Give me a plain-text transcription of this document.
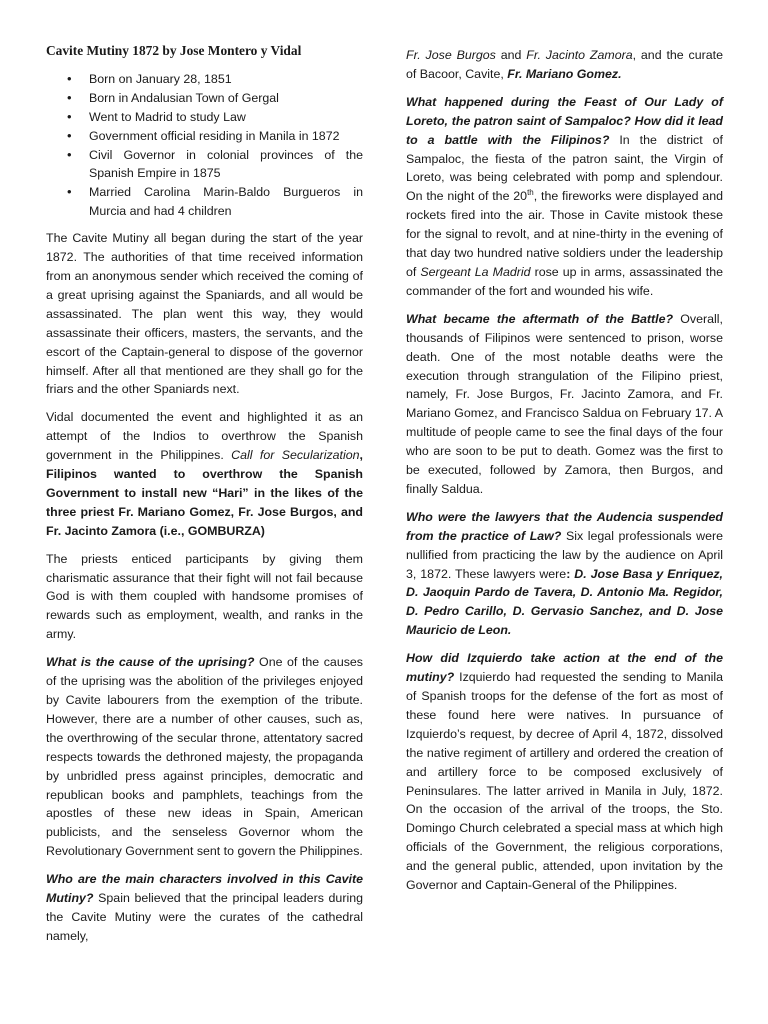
Cavite Mutiny 1872 by Jose Montero y Vidal
• Born on January 28, 1851
• Born in Andalusian Town of Gergal
• Went to Madrid to study Law
• Government official residing in Manila in 1872
• Civil Governor in colonial provinces of the Spanish Empire in 1875
• Married Carolina Marin-Baldo Burgueros in Murcia and had 4 children

The Cavite Mutiny all began during the start of the year 1872. The authorities of that time received information from an anonymous sender which received the coming of a great uprising against the Spaniards, and all would be assassinated. The plan went this way, they would assassinate their officers, masters, the servants, and the escort of the Captain-general to dispose of the governor himself. After all that mentioned are they shall go for the friars and the other Spaniards next.

Vidal documented the event and highlighted it as an attempt of the Indios to overthrow the Spanish government in the Philippines. Call for Secularization, Filipinos wanted to overthrow the Spanish Government to install new “Hari” in the likes of the three priest Fr. Mariano Gomez, Fr. Jose Burgos, and Fr. Jacinto Zamora (i.e., GOMBURZA)

The priests enticed participants by giving them charismatic assurance that their fight will not fail because God is with them coupled with handsome promises of rewards such as employment, wealth, and ranks in the army.

What is the cause of the uprising? One of the causes of the uprising was the abolition of the privileges enjoyed by Cavite labourers from the exemption of the tribute. However, there are a number of other causes, such as, the overthrowing of the secular throne, attentatory sacred respects towards the dethroned majesty, the propaganda by unbridled press against principles, democratic and republican books and pamphlets, teachings from the apostles of these new ideas in Spain, American publicists, and the senseless Governor whom the Revolutionary Government sent to govern the Philippines.

Who are the main characters involved in this Cavite Mutiny? Spain believed that the principal leaders during the Cavite Mutiny were the curates of the cathedral namely,

Fr. Jose Burgos and Fr. Jacinto Zamora, and the curate of Bacoor, Cavite, Fr. Mariano Gomez.

What happened during the Feast of Our Lady of Loreto, the patron saint of Sampaloc? How did it lead to a battle with the Filipinos? In the district of Sampaloc, the fiesta of the patron saint, the Virgin of Loreto, was being celebrated with pomp and splendour. On the night of the 20th, the fireworks were displayed and rockets fired into the air. Those in Cavite mistook these for the signal to revolt, and at nine-thirty in the evening of that day two hundred native soldiers under the leadership of Sergeant La Madrid rose up in arms, assassinated the commander of the fort and wounded his wife.

What became the aftermath of the Battle? Overall, thousands of Filipinos were sentenced to prison, worse death. One of the most notable deaths were the execution through strangulation of the Filipino priest, namely, Fr. Jose Burgos, Fr. Jacinto Zamora, and Fr. Mariano Gomez, and Francisco Saldua on February 17. A multitude of people came to see the final days of the four who are soon to be put to death. Gomez was the first to be executed, followed by Zamora, then Burgos, and finally Saldua.

Who were the lawyers that the Audencia suspended from the practice of Law? Six legal professionals were nullified from practicing the law by the audience on April 3, 1872. These lawyers were: D. Jose Basa y Enriquez, D. Jaoquin Pardo de Tavera, D. Antonio Ma. Regidor, D. Pedro Carillo, D. Gervasio Sanchez, and D. Jose Mauricio de Leon.

How did Izquierdo take action at the end of the mutiny? Izquierdo had requested the sending to Manila of Spanish troops for the defense of the fort as most of these found here were natives. In pursuance of Izquierdo’s request, by decree of April 4, 1872, dissolved the native regiment of artillery and ordered the creation of and artillery force to be composed exclusively of Peninsulares. The latter arrived in Manila in July, 1872. On the occasion of the arrival of the troops, the Sto. Domingo Church celebrated a special mass at which high officials of the Government, the religious corporations, and the general public, attended, upon invitation by the Governor and Captain-General of the Philippines.
